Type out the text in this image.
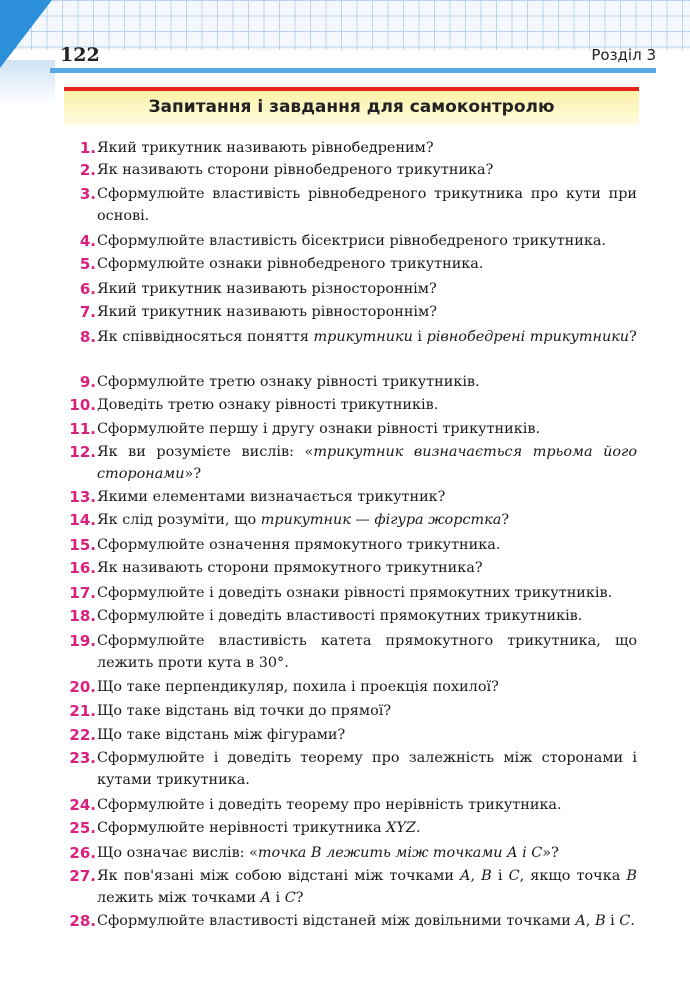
122	Розділ 3
Запитання і завдання для самоконтролю
1. Який трикутник називають рівнобедреним?
2. Як називають сторони рівнобедреного трикутника?
3. Сформулюйте властивість рівнобедреного трикутника про кути при основі.
4. Сформулюйте властивість бісектриси рівнобедреного трикутника.
5. Сформулюйте ознаки рівнобедреного трикутника.
6. Який трикутник називають різностороннім?
7. Який трикутник називають рівностороннім?
8. Як співвідносяться поняття трикутники і рівнобедрені трикутники?
9. Сформулюйте третю ознаку рівності трикутників.
10. Доведіть третю ознаку рівності трикутників.
11. Сформулюйте першу і другу ознаки рівності трикутників.
12. Як ви розумієте вислів: «трикутник визначається трьома його сторонами»?
13. Якими елементами визначається трикутник?
14. Як слід розуміти, що трикутник — фігура жорстка?
15. Сформулюйте означення прямокутного трикутника.
16. Як називають сторони прямокутного трикутника?
17. Сформулюйте і доведіть ознаки рівності прямокутних трикутників.
18. Сформулюйте і доведіть властивості прямокутних трикутників.
19. Сформулюйте властивість катета прямокутного трикутника, що лежить проти кута в 30°.
20. Що таке перпендикуляр, похила і проекція похилої?
21. Що таке відстань від точки до прямої?
22. Що таке відстань між фігурами?
23. Сформулюйте і доведіть теорему про залежність між сторонами і кутами трикутника.
24. Сформулюйте і доведіть теорему про нерівність трикутника.
25. Сформулюйте нерівності трикутника XYZ.
26. Що означає вислів: «точка B лежить між точками A і C»?
27. Як пов'язані між собою відстані між точками A, B і C, якщо точка B лежить між точками A і C?
28. Сформулюйте властивості відстаней між довільними точками A, B і C.
